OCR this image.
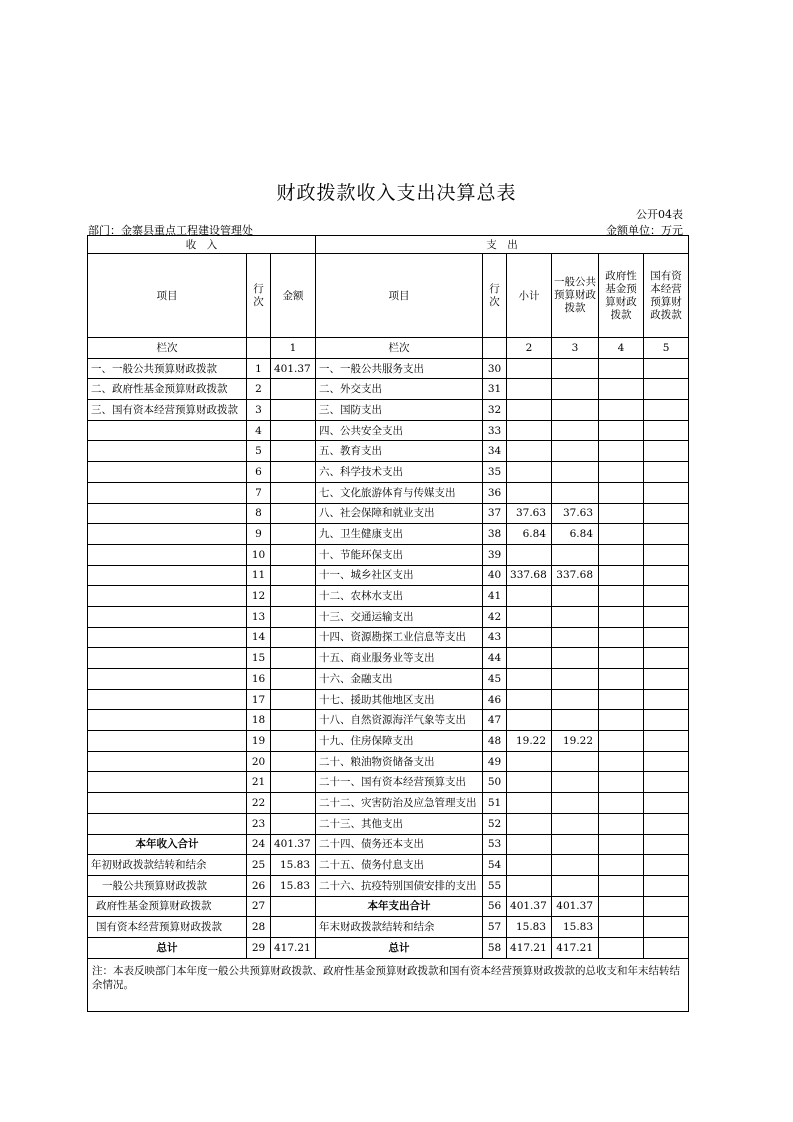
财政拨款收入支出决算总表
公开04表
部门：金寨县重点工程建设管理处	金额单位：万元
收　入			支　出					
项目	行次	金额	项目	行次	小计	一般公共预算财政拨款	政府性基金预算财政拨款	国有资本经营预算财政拨款
栏次		1	栏次		2	3	4	5
一、一般公共预算财政拨款	1	401.37	一、一般公共服务支出	30				
二、政府性基金预算财政拨款	2		二、外交支出	31				
三、国有资本经营预算财政拨款	3		三、国防支出	32				
	4		四、公共安全支出	33				
	5		五、教育支出	34				
	6		六、科学技术支出	35				
	7		七、文化旅游体育与传媒支出	36				
	8		八、社会保障和就业支出	37	37.63	37.63		
	9		九、卫生健康支出	38	6.84	6.84		
	10		十、节能环保支出	39				
	11		十一、城乡社区支出	40	337.68	337.68		
	12		十二、农林水支出	41				
	13		十三、交通运输支出	42				
	14		十四、资源勘探工业信息等支出	43				
	15		十五、商业服务业等支出	44				
	16		十六、金融支出	45				
	17		十七、援助其他地区支出	46				
	18		十八、自然资源海洋气象等支出	47				
	19		十九、住房保障支出	48	19.22	19.22		
	20		二十、粮油物资储备支出	49				
	21		二十一、国有资本经营预算支出	50				
	22		二十二、灾害防治及应急管理支出	51				
	23		二十三、其他支出	52				
本年收入合计	24	401.37	二十四、债务还本支出	53				
年初财政拨款结转和结余	25	15.83	二十五、债务付息支出	54				
一般公共预算财政拨款	26	15.83	二十六、抗疫特别国债安排的支出	55				
政府性基金预算财政拨款	27		本年支出合计	56	401.37	401.37		
国有资本经营预算财政拨款	28		年末财政拨款结转和结余	57	15.83	15.83		
总计	29	417.21	总计	58	417.21	417.21		
注：本表反映部门本年度一般公共预算财政拨款、政府性基金预算财政拨款和国有资本经营预算财政拨款的总收支和年末结转结余情况。								
